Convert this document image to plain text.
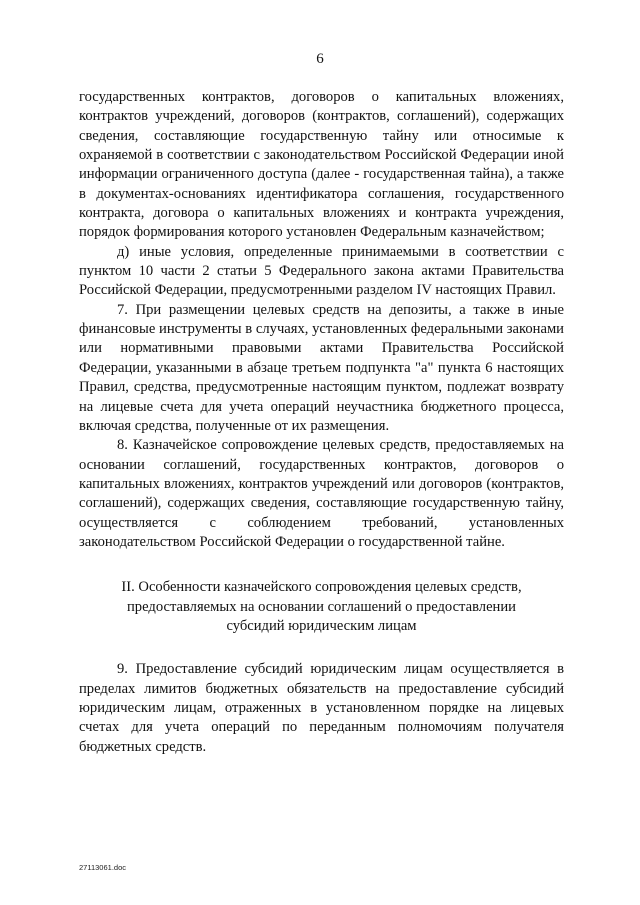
6

государственных контрактов, договоров о капитальных вложениях, контрактов учреждений, договоров (контрактов, соглашений), содержащих сведения, составляющие государственную тайну или относимые к охраняемой в соответствии с законодательством Российской Федерации иной информации ограниченного доступа (далее - государственная тайна), а также в документах-основаниях идентификатора соглашения, государственного контракта, договора о капитальных вложениях и контракта учреждения, порядок формирования которого установлен Федеральным казначейством;

д) иные условия, определенные принимаемыми в соответствии с пунктом 10 части 2 статьи 5 Федерального закона актами Правительства Российской Федерации, предусмотренными разделом IV настоящих Правил.

7. При размещении целевых средств на депозиты, а также в иные финансовые инструменты в случаях, установленных федеральными законами или нормативными правовыми актами Правительства Российской Федерации, указанными в абзаце третьем подпункта "а" пункта 6 настоящих Правил, средства, предусмотренные настоящим пунктом, подлежат возврату на лицевые счета для учета операций неучастника бюджетного процесса, включая средства, полученные от их размещения.

8. Казначейское сопровождение целевых средств, предоставляемых на основании соглашений, государственных контрактов, договоров о капитальных вложениях, контрактов учреждений или договоров (контрактов, соглашений), содержащих сведения, составляющие государственную тайну, осуществляется с соблюдением требований, установленных законодательством Российской Федерации о государственной тайне.

II. Особенности казначейского сопровождения целевых средств,
предоставляемых на основании соглашений о предоставлении
субсидий юридическим лицам

9. Предоставление субсидий юридическим лицам осуществляется в пределах лимитов бюджетных обязательств на предоставление субсидий юридическим лицам, отраженных в установленном порядке на лицевых счетах для учета операций по переданным полномочиям получателя бюджетных средств.

27113061.doc
